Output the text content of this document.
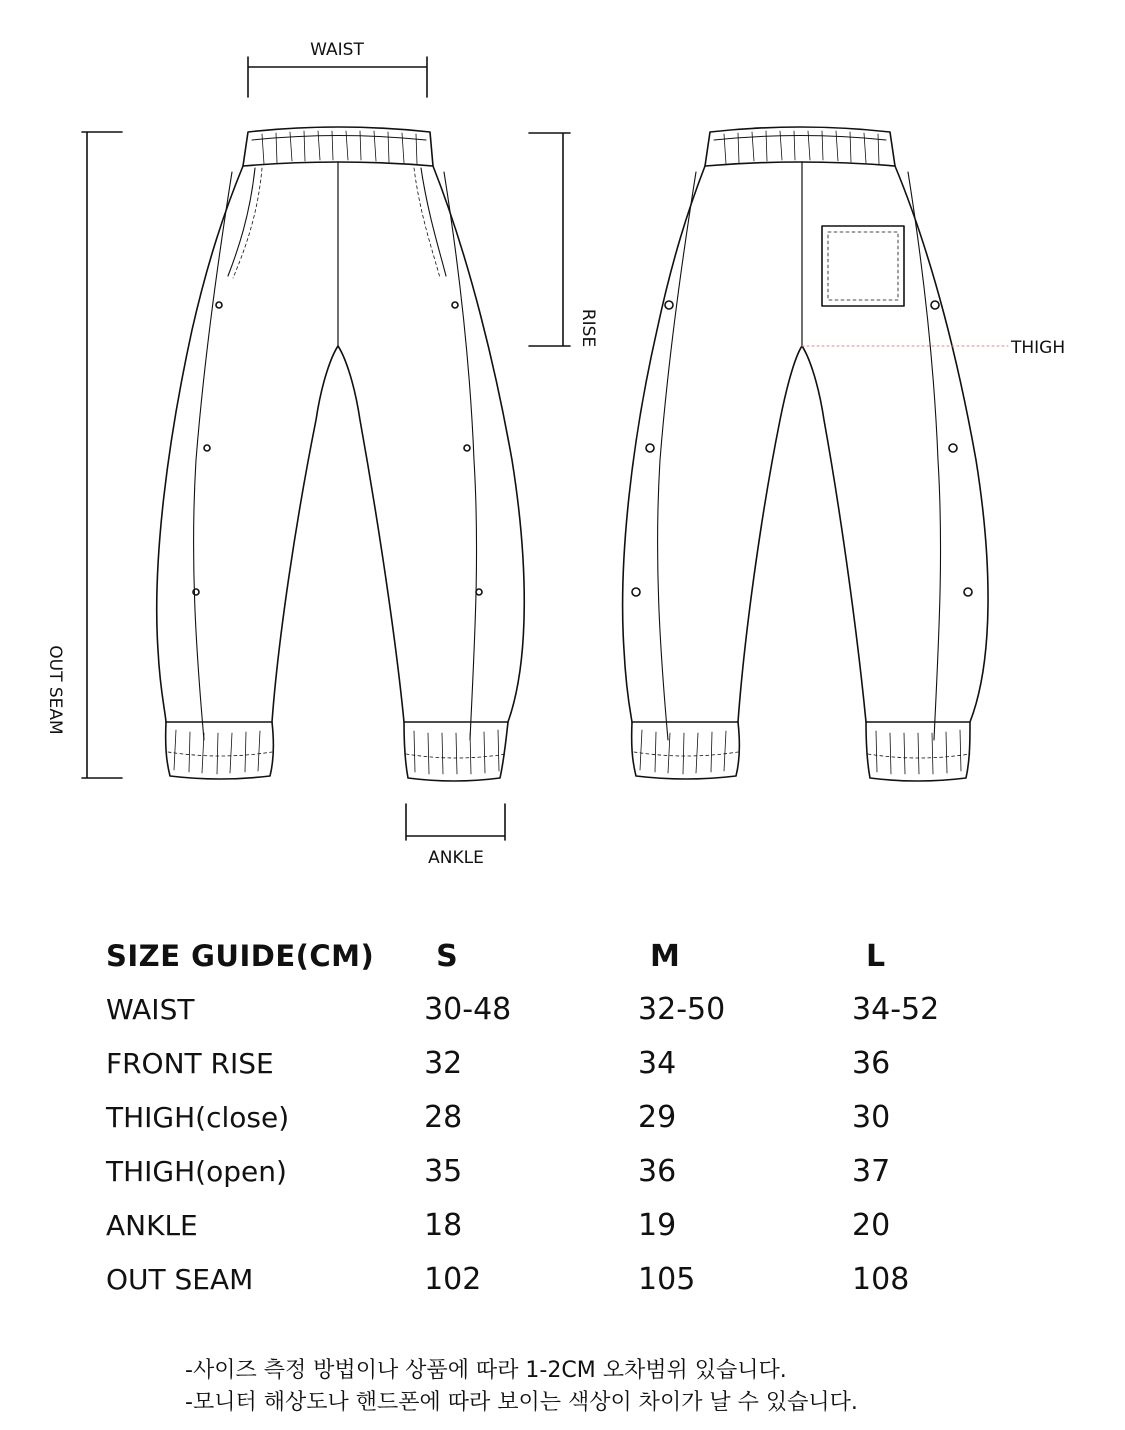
WAIST
ANKLE
THIGH
RISE
OUT SEAM
SIZE GUIDE(CM)	S	M	L
WAIST	30-48	32-50	34-52
FRONT RISE	32	34	36
THIGH(close)	28	29	30
THIGH(open)	35	36	37
ANKLE	18	19	20
OUT SEAM	102	105	108
-사이즈 측정 방법이나 상품에 따라 1-2CM 오차범위 있습니다.
-모니터 해상도나 핸드폰에 따라 보이는 색상이 차이가 날 수 있습니다.
